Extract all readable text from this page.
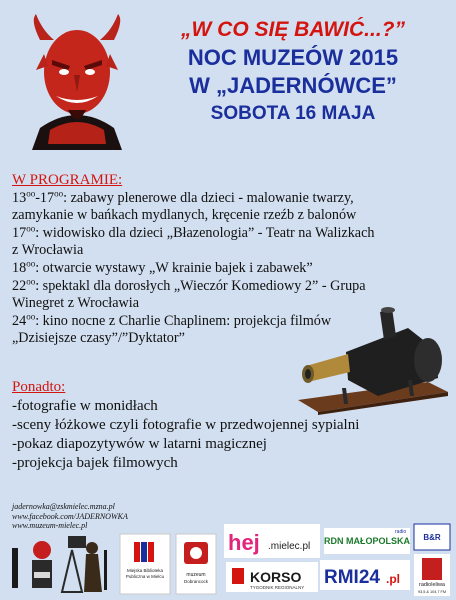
„W CO SIĘ BAWIĆ...?”
NOC MUZEÓW 2015
W „JADERNÓWCE”
SOBOTA 16 MAJA
W PROGRAMIE:
$13^{oo}-17^{oo}$: zabawy plenerowe dla dzieci - malowanie twarzy,
zamykanie w bańkach mydlanych, kręcenie rzeźb z balonów
$17^{oo}$: widowisko dla dzieci „Błazenologia” - Teatr na Walizkach
z Wrocławia
$18^{oo}$: otwarcie wystawy „W krainie bajek i zabawek”
$22^{oo}$: spektakl dla dorosłych „Wieczór Komediowy 2” - Grupa
Winegret z Wrocławia
$24^{oo}$: kino nocne z Charlie Chaplinem: projekcja filmów
„Dzisiejsze czasy”/”Dyktator”
Ponadto:
-fotografie w monidłach
-sceny łóżkowe czyli fotografie w przedwojennej sypialni
-pokaz diapozytywów w latarni magicznej
-projekcja bajek filmowych
jadernowka@zskmielec.mzna.pl
www.facebook.com/JADERNOWKA
www.muzeum-mielec.pl
Miejska Biblioteka Publiczna w Mielcu	muzeum
Dobrancock
hej .mielec.pl RDN MAŁOPOLSKA
radio
B&R
KORSO
TYGODNIK REGIONALNY RMI24 .pl	radioleliwa
93,5 & 104,7 FM
